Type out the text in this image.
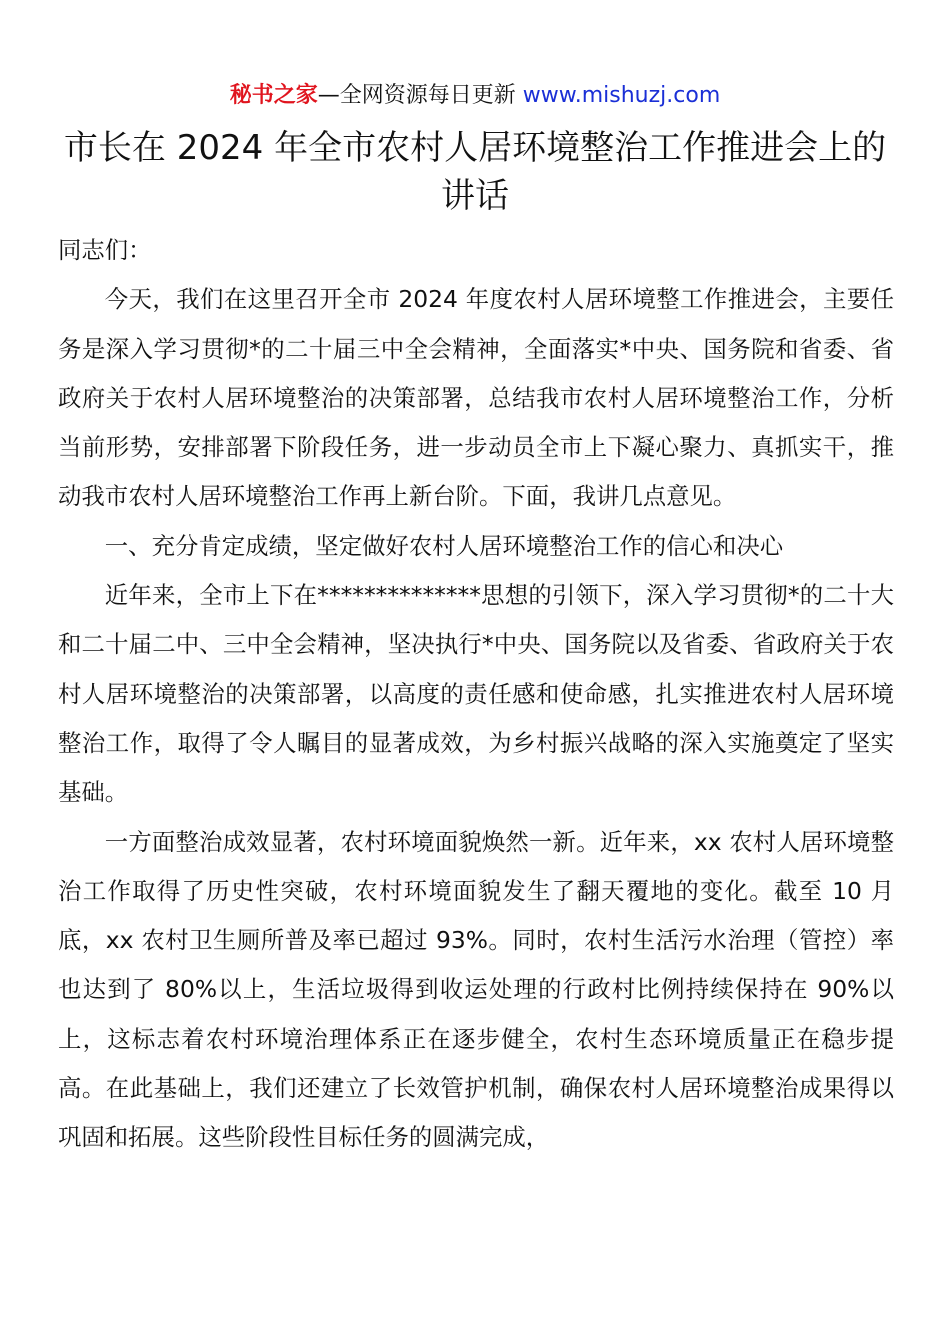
秘书之家—全网资源每日更新 www.mishuzj.com
市长在 2024 年全市农村人居环境整治工作推进会上的讲话

同志们：

今天，我们在这里召开全市 2024 年度农村人居环境整工作推进会，主要任务是深入学习贯彻*的二十届三中全会精神，全面落实*中央、国务院和省委、省政府关于农村人居环境整治的决策部署，总结我市农村人居环境整治工作，分析当前形势，安排部署下阶段任务，进一步动员全市上下凝心聚力、真抓实干，推动我市农村人居环境整治工作再上新台阶。下面，我讲几点意见。

一、充分肯定成绩，坚定做好农村人居环境整治工作的信心和决心

近年来，全市上下在**************思想的引领下，深入学习贯彻*的二十大和二十届二中、三中全会精神，坚决执行*中央、国务院以及省委、省政府关于农村人居环境整治的决策部署，以高度的责任感和使命感，扎实推进农村人居环境整治工作，取得了令人瞩目的显著成效，为乡村振兴战略的深入实施奠定了坚实基础。

一方面整治成效显著，农村环境面貌焕然一新。近年来，xx 农村人居环境整治工作取得了历史性突破，农村环境面貌发生了翻天覆地的变化。截至 10 月底，xx 农村卫生厕所普及率已超过 93%。同时，农村生活污水治理（管控）率也达到了 80%以上，生活垃圾得到收运处理的行政村比例持续保持在 90%以上，这标志着农村环境治理体系正在逐步健全，农村生态环境质量正在稳步提高。在此基础上，我们还建立了长效管护机制，确保农村人居环境整治成果得以巩固和拓展。这些阶段性目标任务的圆满完成，
